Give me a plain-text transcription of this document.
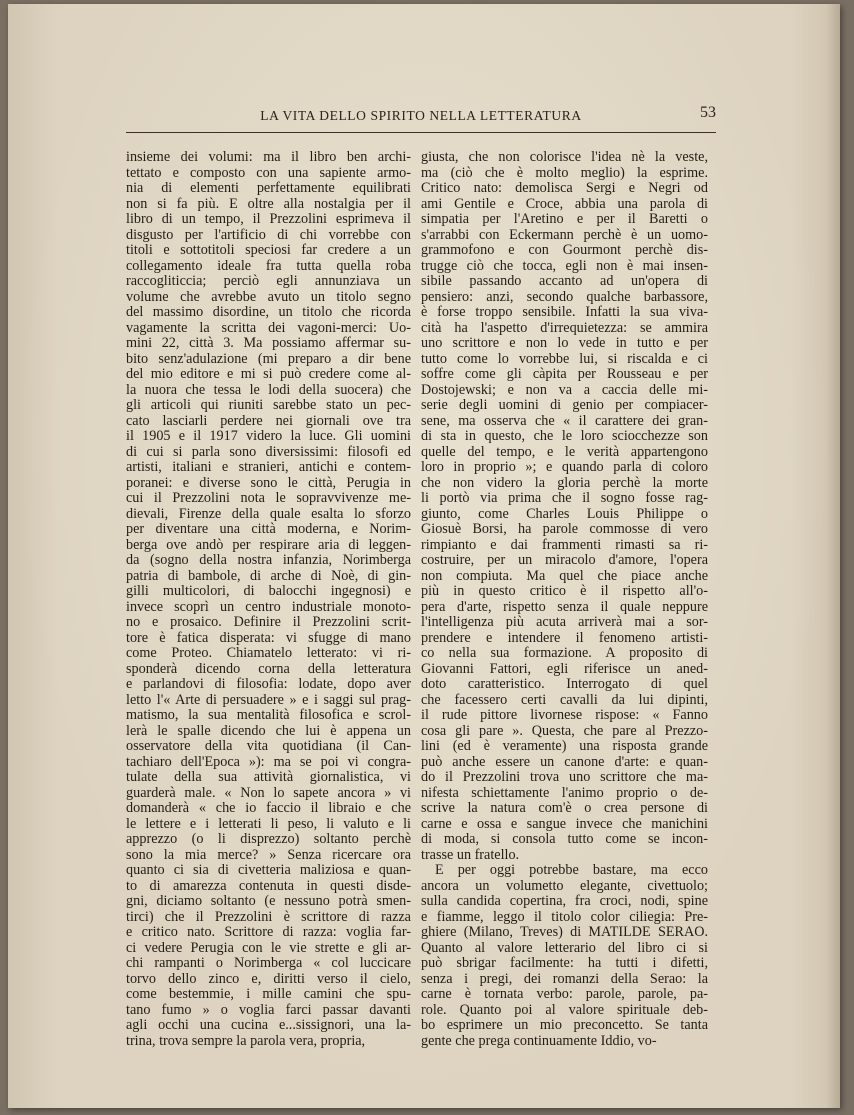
LA VITA DELLO SPIRITO NELLA LETTERATURA	53
insieme dei volumi: ma il libro ben archi-
tettato e composto con una sapiente armo-
nia di elementi perfettamente equilibrati
non si fa più. E oltre alla nostalgia per il
libro di un tempo, il Prezzolini esprimeva il
disgusto per l'artificio di chi vorrebbe con
titoli e sottotitoli speciosi far credere a un
collegamento ideale fra tutta quella roba
raccogliticcia; perciò egli annunziava un
volume che avrebbe avuto un titolo segno
del massimo disordine, un titolo che ricorda
vagamente la scritta dei vagoni-merci: Uo-
mini 22, città 3. Ma possiamo affermar su-
bito senz'adulazione (mi preparo a dir bene
del mio editore e mi si può credere come al-
la nuora che tessa le lodi della suocera) che
gli articoli qui riuniti sarebbe stato un pec-
cato lasciarli perdere nei giornali ove tra
il 1905 e il 1917 videro la luce. Gli uomini
di cui si parla sono diversissimi: filosofi ed
artisti, italiani e stranieri, antichi e contem-
poranei: e diverse sono le città, Perugia in
cui il Prezzolini nota le sopravvivenze me-
dievali, Firenze della quale esalta lo sforzo
per diventare una città moderna, e Norim-
berga ove andò per respirare aria di leggen-
da (sogno della nostra infanzia, Norimberga
patria di bambole, di arche di Noè, di gin-
gilli multicolori, di balocchi ingegnosi) e
invece scoprì un centro industriale monoto-
no e prosaico. Definire il Prezzolini scrit-
tore è fatica disperata: vi sfugge di mano
come Proteo. Chiamatelo letterato: vi ri-
sponderà dicendo corna della letteratura
e parlandovi di filosofia: lodate, dopo aver
letto l'« Arte di persuadere » e i saggi sul prag-
matismo, la sua mentalità filosofica e scrol-
lerà le spalle dicendo che lui è appena un
osservatore della vita quotidiana (il Can-
tachiaro dell'Epoca »): ma se poi vi congra-
tulate della sua attività giornalistica, vi
guarderà male. « Non lo sapete ancora » vi
domanderà « che io faccio il libraio e che
le lettere e i letterati li peso, li valuto e li
apprezzo (o li disprezzo) soltanto perchè
sono la mia merce? » Senza ricercare ora
quanto ci sia di civetteria maliziosa e quan-
to di amarezza contenuta in questi disde-
gni, diciamo soltanto (e nessuno potrà smen-
tirci) che il Prezzolini è scrittore di razza
e critico nato. Scrittore di razza: voglia far-
ci vedere Perugia con le vie strette e gli ar-
chi rampanti o Norimberga « col luccicare
torvo dello zinco e, diritti verso il cielo,
come bestemmie, i mille camini che spu-
tano fumo » o voglia farci passar davanti
agli occhi una cucina e...sissignori, una la-
trina, trova sempre la parola vera, propria,
giusta, che non colorisce l'idea nè la veste,
ma (ciò che è molto meglio) la esprime.
Critico nato: demolisca Sergi e Negri od
ami Gentile e Croce, abbia una parola di
simpatia per l'Aretino e per il Baretti o
s'arrabbi con Eckermann perchè è un uomo-
grammofono e con Gourmont perchè dis-
trugge ciò che tocca, egli non è mai insen-
sibile passando accanto ad un'opera di
pensiero: anzi, secondo qualche barbassore,
è forse troppo sensibile. Infatti la sua viva-
cità ha l'aspetto d'irrequietezza: se ammira
uno scrittore e non lo vede in tutto e per
tutto come lo vorrebbe lui, si riscalda e ci
soffre come gli càpita per Rousseau e per
Dostojewski; e non va a caccia delle mi-
serie degli uomini di genio per compiacer-
sene, ma osserva che « il carattere dei gran-
di sta in questo, che le loro sciocchezze son
quelle del tempo, e le verità appartengono
loro in proprio »; e quando parla di coloro
che non videro la gloria perchè la morte
li portò via prima che il sogno fosse rag-
giunto, come Charles Louis Philippe o
Giosuè Borsi, ha parole commosse di vero
rimpianto e dai frammenti rimasti sa ri-
costruire, per un miracolo d'amore, l'opera
non compiuta. Ma quel che piace anche
più in questo critico è il rispetto all'o-
pera d'arte, rispetto senza il quale neppure
l'intelligenza più acuta arriverà mai a sor-
prendere e intendere il fenomeno artisti-
co nella sua formazione. A proposito di
Giovanni Fattori, egli riferisce un aned-
doto caratteristico. Interrogato di quel
che facessero certi cavalli da lui dipinti,
il rude pittore livornese rispose: « Fanno
cosa gli pare ». Questa, che pare al Prezzo-
lini (ed è veramente) una risposta grande
può anche essere un canone d'arte: e quan-
do il Prezzolini trova uno scrittore che ma-
nifesta schiettamente l'animo proprio o de-
scrive la natura com'è o crea persone di
carne e ossa e sangue invece che manichini
di moda, si consola tutto come se incon-
trasse un fratello.
E per oggi potrebbe bastare, ma ecco
ancora un volumetto elegante, civettuolo;
sulla candida copertina, fra croci, nodi, spine
e fiamme, leggo il titolo color ciliegia: Pre-
ghiere (Milano, Treves) di MATILDE SERAO.
Quanto al valore letterario del libro ci si
può sbrigar facilmente: ha tutti i difetti,
senza i pregi, dei romanzi della Serao: la
carne è tornata verbo: parole, parole, pa-
role. Quanto poi al valore spirituale deb-
bo esprimere un mio preconcetto. Se tanta
gente che prega continuamente Iddio, vo-
